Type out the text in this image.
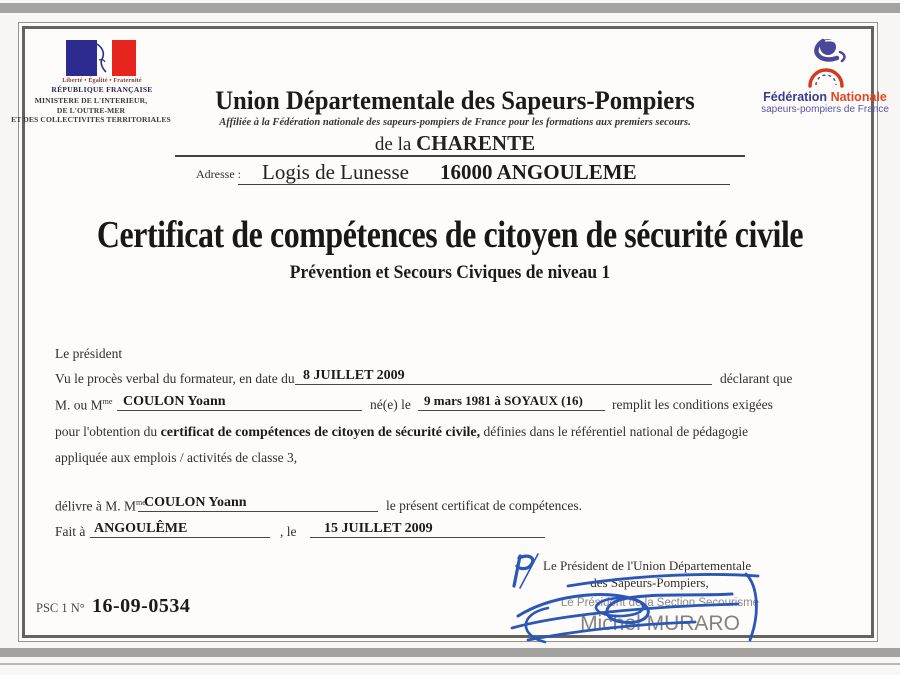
Liberté • Égalité • Fraternité
RÉPUBLIQUE FRANÇAISE
MINISTERE DE L'INTERIEUR,
DE L'OUTRE-MER
ET DES COLLECTIVITES TERRITORIALES
Union Départementale des Sapeurs-Pompiers
Affiliée à la Fédération nationale des sapeurs-pompiers de France pour les formations aux premiers secours.
de la CHARENTE
Adresse : Logis de Lunesse 16000 ANGOULEME
Fédération Nationale
sapeurs-pompiers de France
Certificat de compétences de citoyen de sécurité civile
Prévention et Secours Civiques de niveau 1
Le président
Vu le procès verbal du formateur, en date du 8 JUILLET 2009	déclarant que
M. ou $M^{me}$ COULON Yoann	né(e) le	9 mars 1981 à SOYAUX (16)	remplit les conditions exigées
pour l'obtention du certificat de compétences de citoyen de sécurité civile, définies dans le référentiel national de pédagogie
appliquée aux emplois / activités de classe 3,
délivre à M. $M^{me}$
COULON Yoann	le présent certificat de compétences.
Fait à ANGOULÊME	, le	15 JUILLET 2009
Le Président de l'Union Départementale
des Sapeurs-Pompiers,
Le Président de la Section Secourisme
Michel MURARO
PSC 1 N° 16-09-0534
